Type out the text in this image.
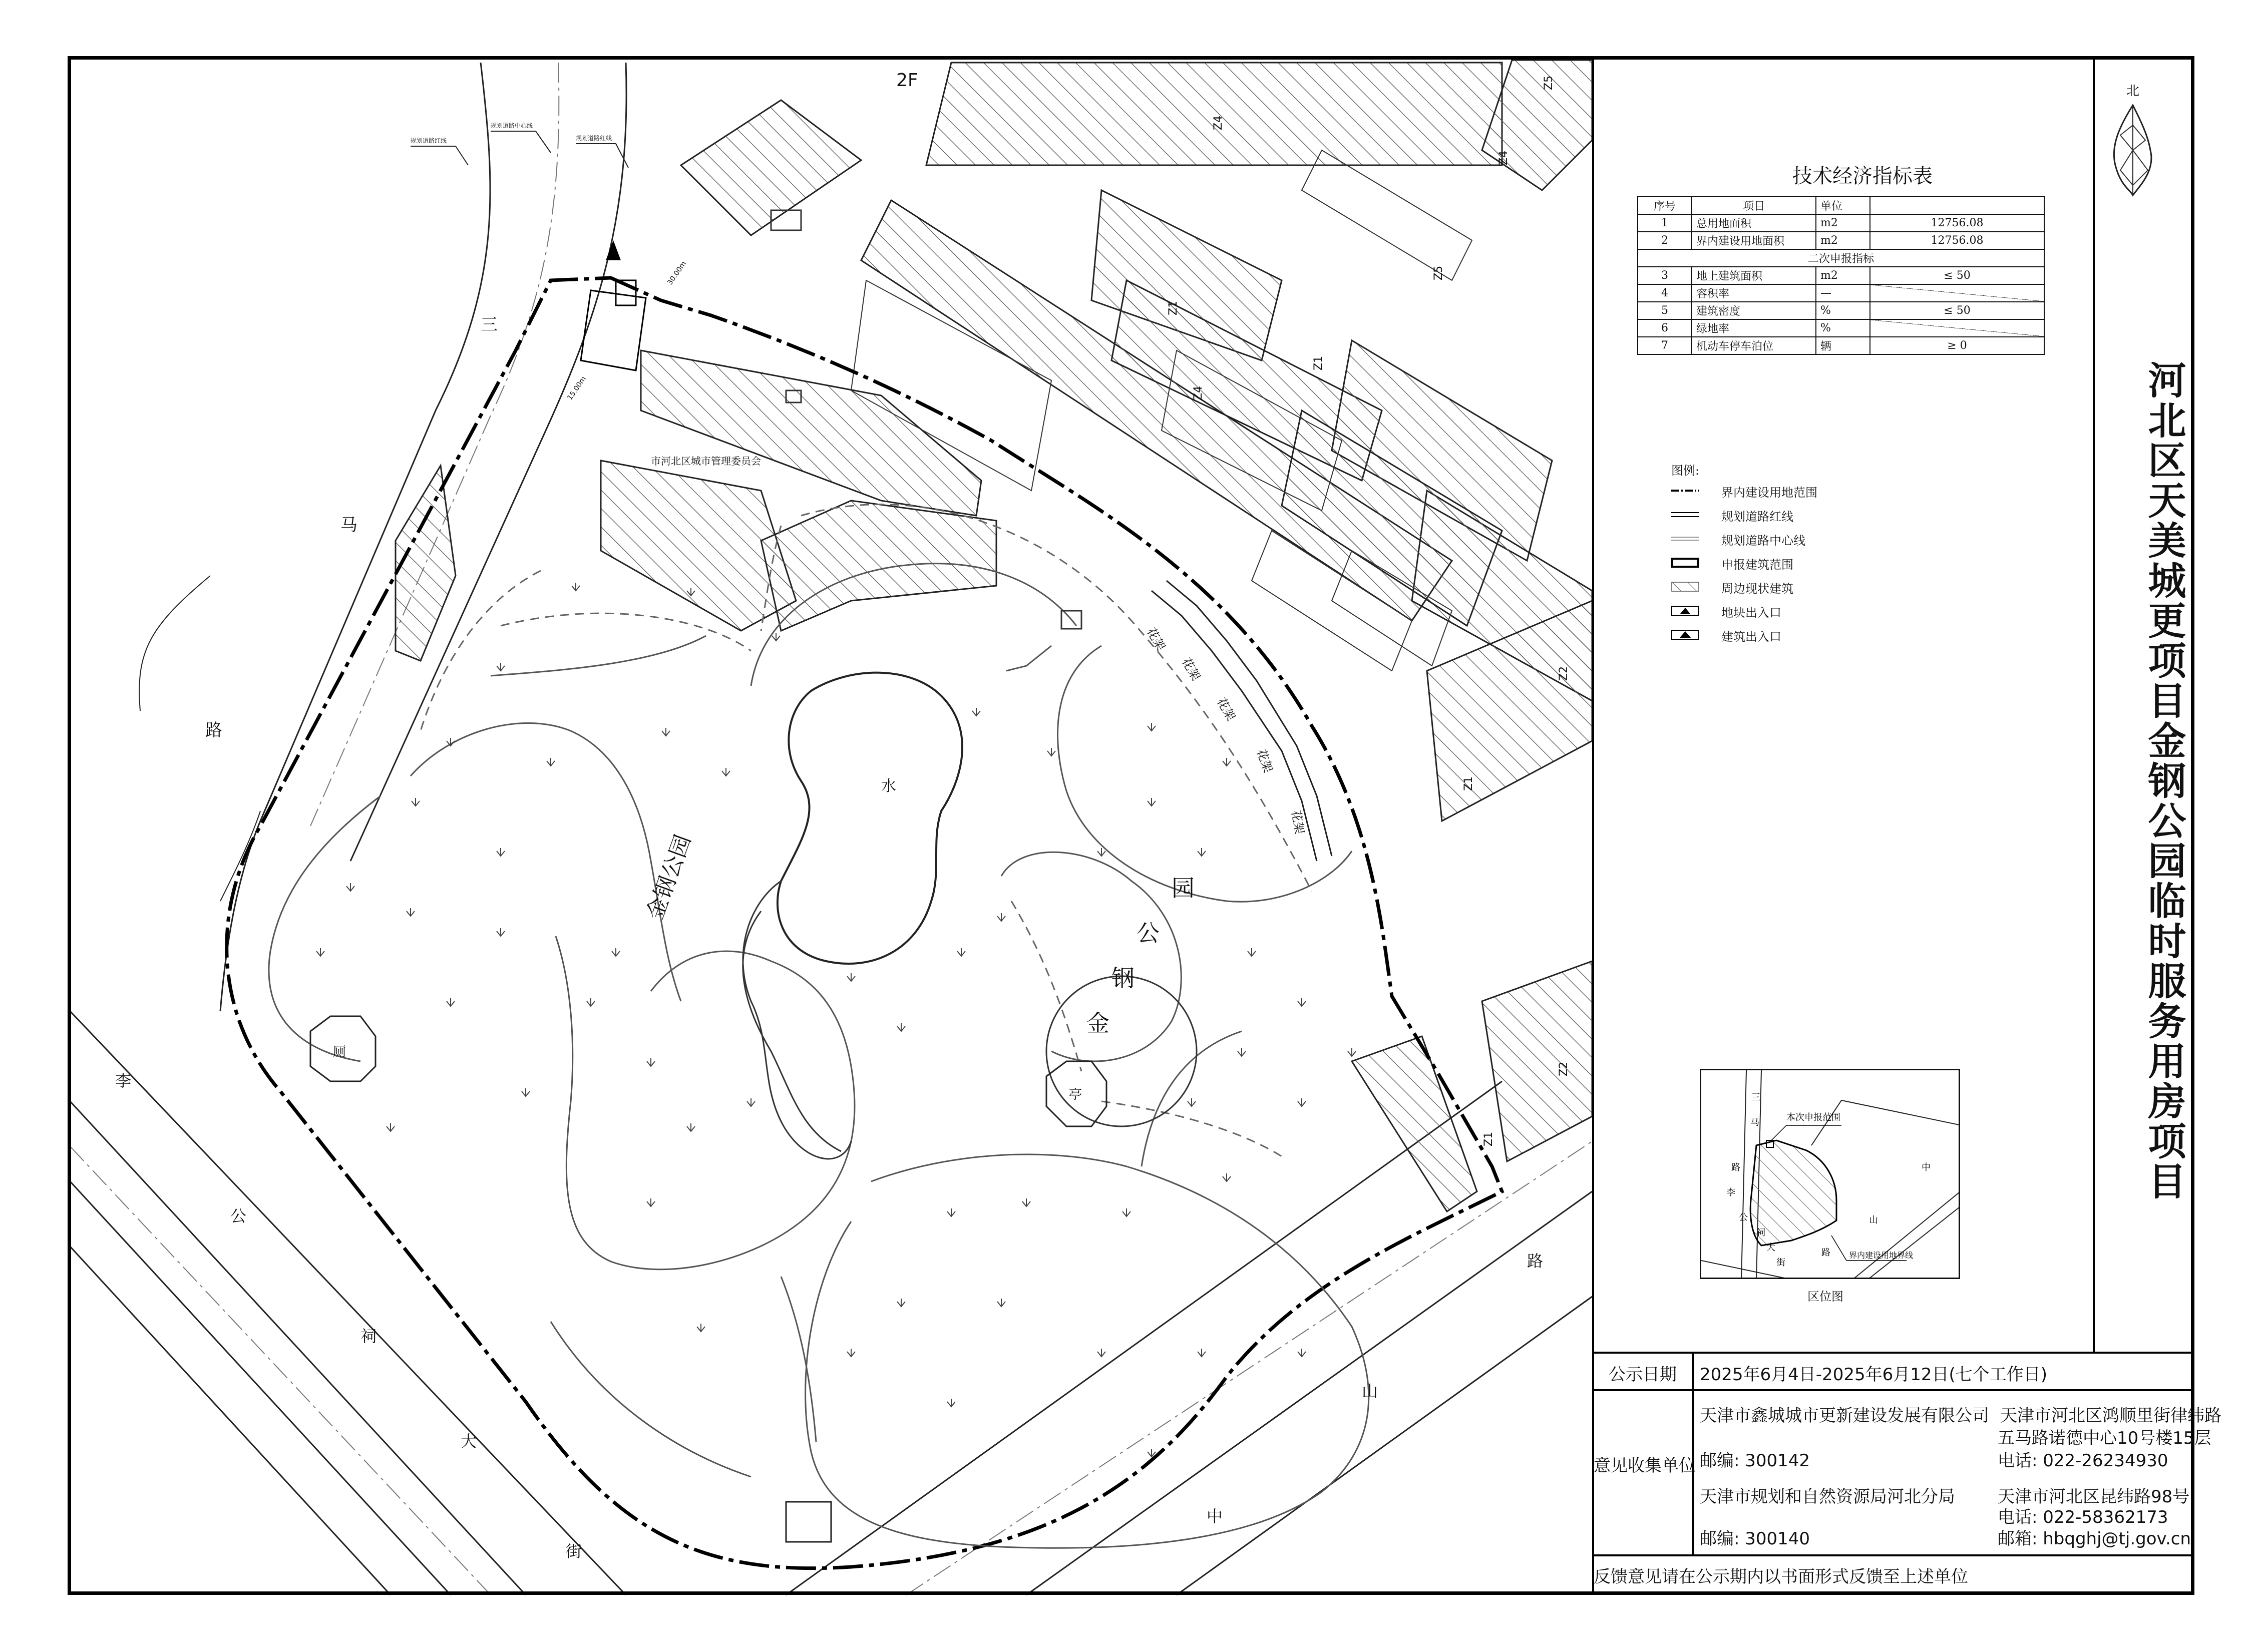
三
马
路
李
公
祠
大
街
路
山
中
金钢公园
金
钢
公
园
水
市河北区城市管理委员会
2F
厕
亭
花架
花架
花架
花架
花架
Z4
Z4
Z4
Z5
Z5
Z1
Z1
Z1
Z1
Z2
Z2
规划道路红线
规划道路中心线
规划道路红线
30.00m
15.00m
北
河北区天美城更项目金钢公园临时服务用房项目
技术经济指标表
序号	项目	单位	
1	总用地面积	m2	12756.08
2	界内建设用地面积	m2	12756.08
二次申报指标			
3	地上建筑面积	m2	≤ 50
4	容积率	—	
5	建筑密度	%	≤ 50
6	绿地率	%	
7	机动车停车泊位	辆	≥ 0
图例:
界内建设用地范围
规划道路红线
规划道路中心线
申报建筑范围
周边现状建筑
地块出入口
建筑出入口
本次申报范围
界内建设用地界线
三
马
路
李
公
祠
大
街
中
山
路
区位图
公示日期 2025年6月4日-2025年6月12日(七个工作日)
意见收集单位
天津市鑫城城市更新建设发展有限公司 天津市河北区鸿顺里街律纬路
五马路诺德中心10号楼15层
邮编: 300142	电话: 022-26234930
天津市规划和自然资源局河北分局	天津市河北区昆纬路98号
电话: 022-58362173
邮编: 300140	邮箱: hbqghj@tj.gov.cn
反馈意见请在公示期内以书面形式反馈至上述单位
